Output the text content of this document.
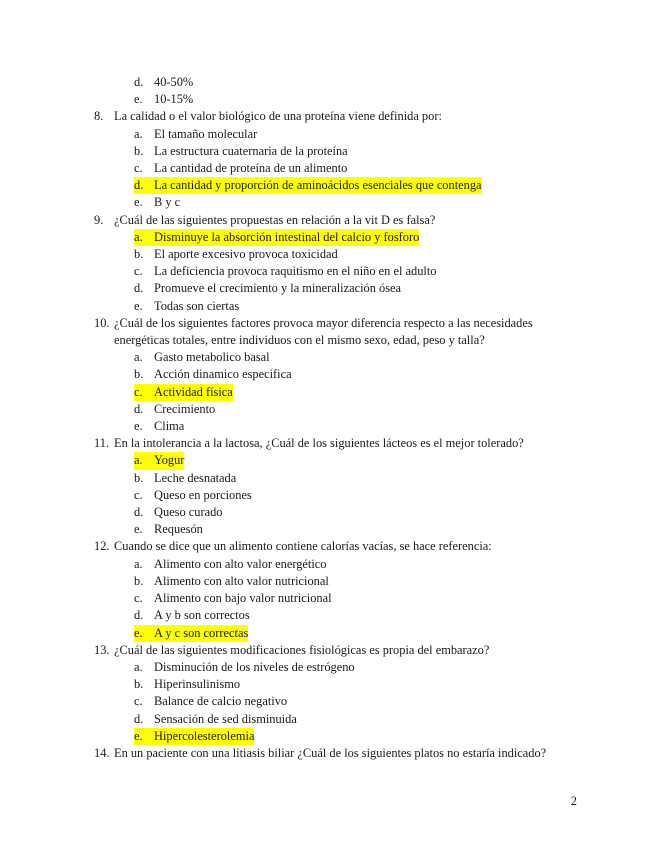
d. 40-50%
e. 10-15%
8. La calidad o el valor biológico de una proteína viene definida por:
a. El tamaño molecular
b. La estructura cuaternaria de la proteína
c. La cantidad de proteína de un alimento
d. La cantidad y proporción de aminoácidos esenciales que contenga
e. B y c
9. ¿Cuál de las siguientes propuestas en relación a la vit D es falsa?
a. Disminuye la absorción intestinal del calcio y fosforo
b. El aporte excesivo provoca toxicidad
c. La deficiencia provoca raquitismo en el niño en el adulto
d. Promueve el crecimiento y la mineralización ósea
e. Todas son ciertas
10. ¿Cuál de los siguientes factores provoca mayor diferencia respecto a las necesidades energéticas totales, entre individuos con el mismo sexo, edad, peso y talla?
a. Gasto metabolico basal
b. Acción dinamico especifica
c. Actividad física
d. Crecimiento
e. Clima
11. En la intolerancia a la lactosa, ¿Cuál de los siguientes lácteos es el mejor tolerado?
a. Yogur
b. Leche desnatada
c. Queso en porciones
d. Queso curado
e. Requesón
12. Cuando se dice que un alimento contiene calorías vacías, se hace referencia:
a. Alimento con alto valor energético
b. Alimento con alto valor nutricional
c. Alimento con bajo valor nutricional
d. A y b son correctos
e. A y c son correctas
13. ¿Cuál de las siguientes modificaciones fisiológicas es propia del embarazo?
a. Disminución de los niveles de estrógeno
b. Hiperinsulinismo
c. Balance de calcio negativo
d. Sensación de sed disminuida
e. Hipercolesterolemia
14. En un paciente con una litiasis biliar ¿Cuál de los siguientes platos no estaría indicado?
2
